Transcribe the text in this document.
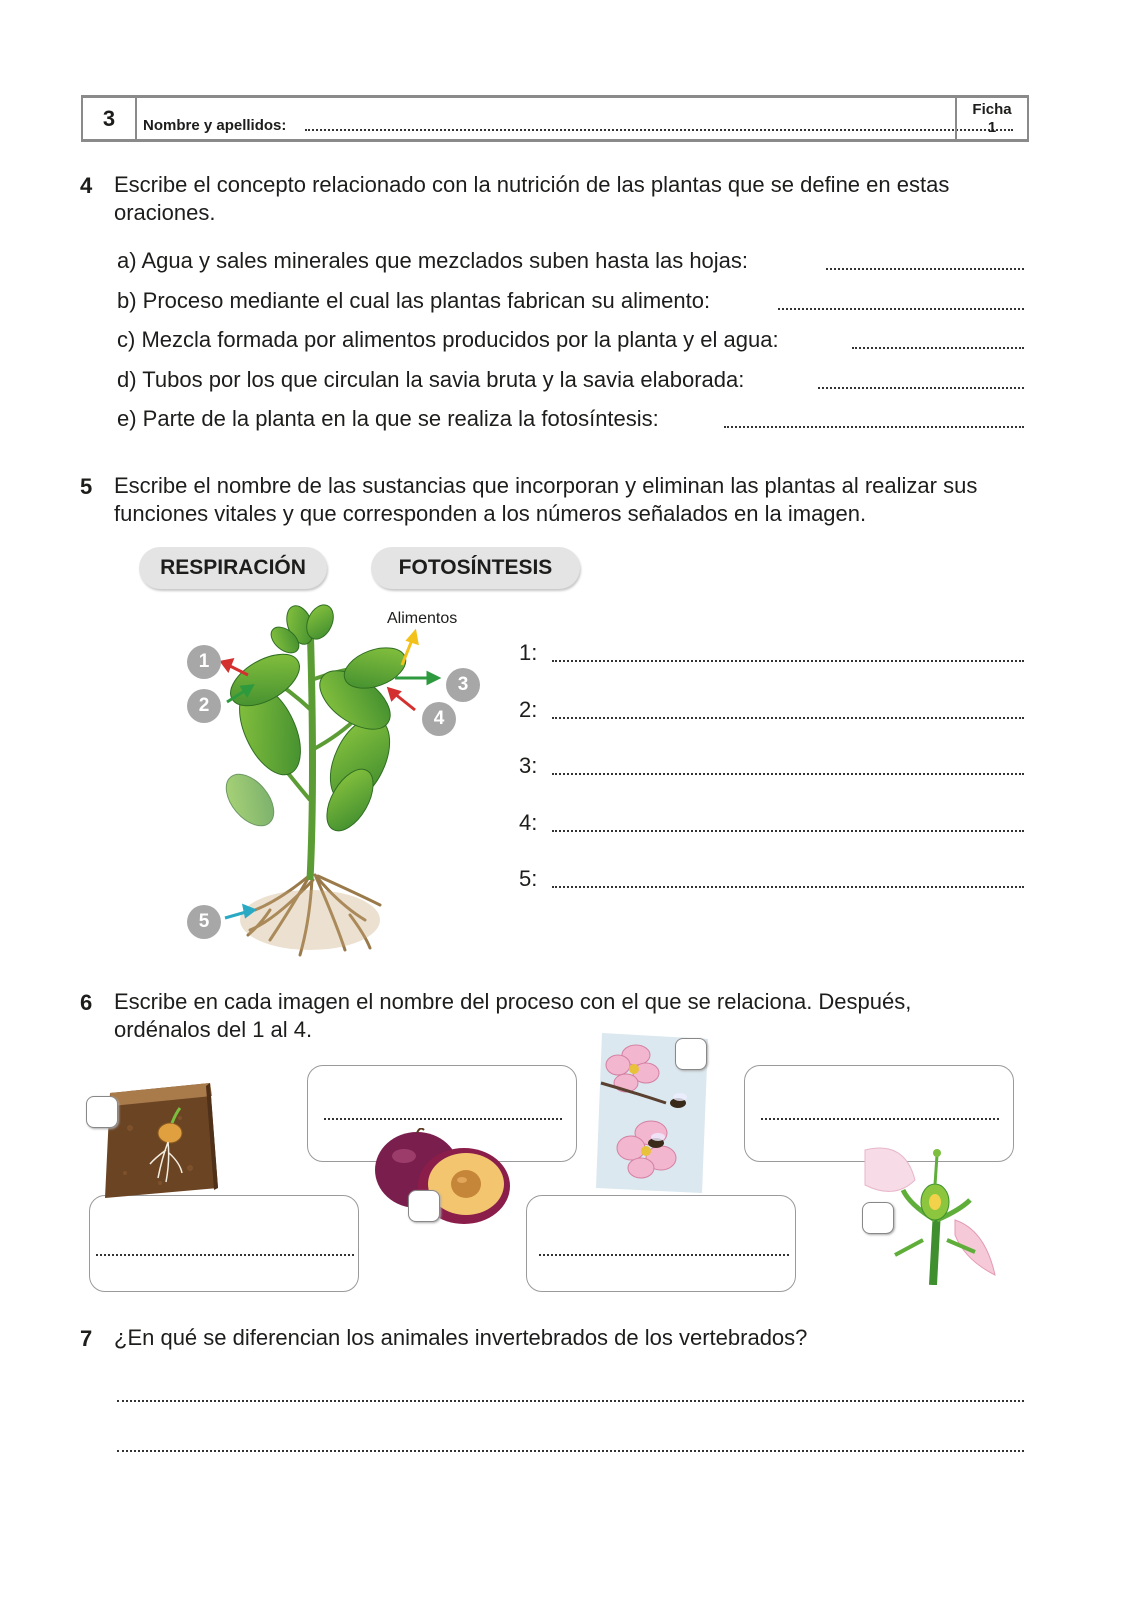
3	Nombre y apellidos:
Ficha
1
4 Escribe el concepto relacionado con la nutrición de las plantas que se define en estas oraciones.
a) Agua y sales minerales que mezclados suben hasta las hojas:
b) Proceso mediante el cual las plantas fabrican su alimento:
c) Mezcla formada por alimentos producidos por la planta y el agua:
d) Tubos por los que circulan la savia bruta y la savia elaborada:
e) Parte de la planta en la que se realiza la fotosíntesis:
5 Escribe el nombre de las sustancias que incorporan y eliminan las plantas al realizar sus funciones vitales y que corresponden a los números señalados en la imagen.
RESPIRACIÓN	FOTOSÍNTESIS
Alimentos
1
2
3
4
5
1:
2:
3:
4:
5:
6 Escribe en cada imagen el nombre del proceso con el que se relaciona. Después, ordénalos del 1 al 4.
7 ¿En qué se diferencian los animales invertebrados de los vertebrados?
